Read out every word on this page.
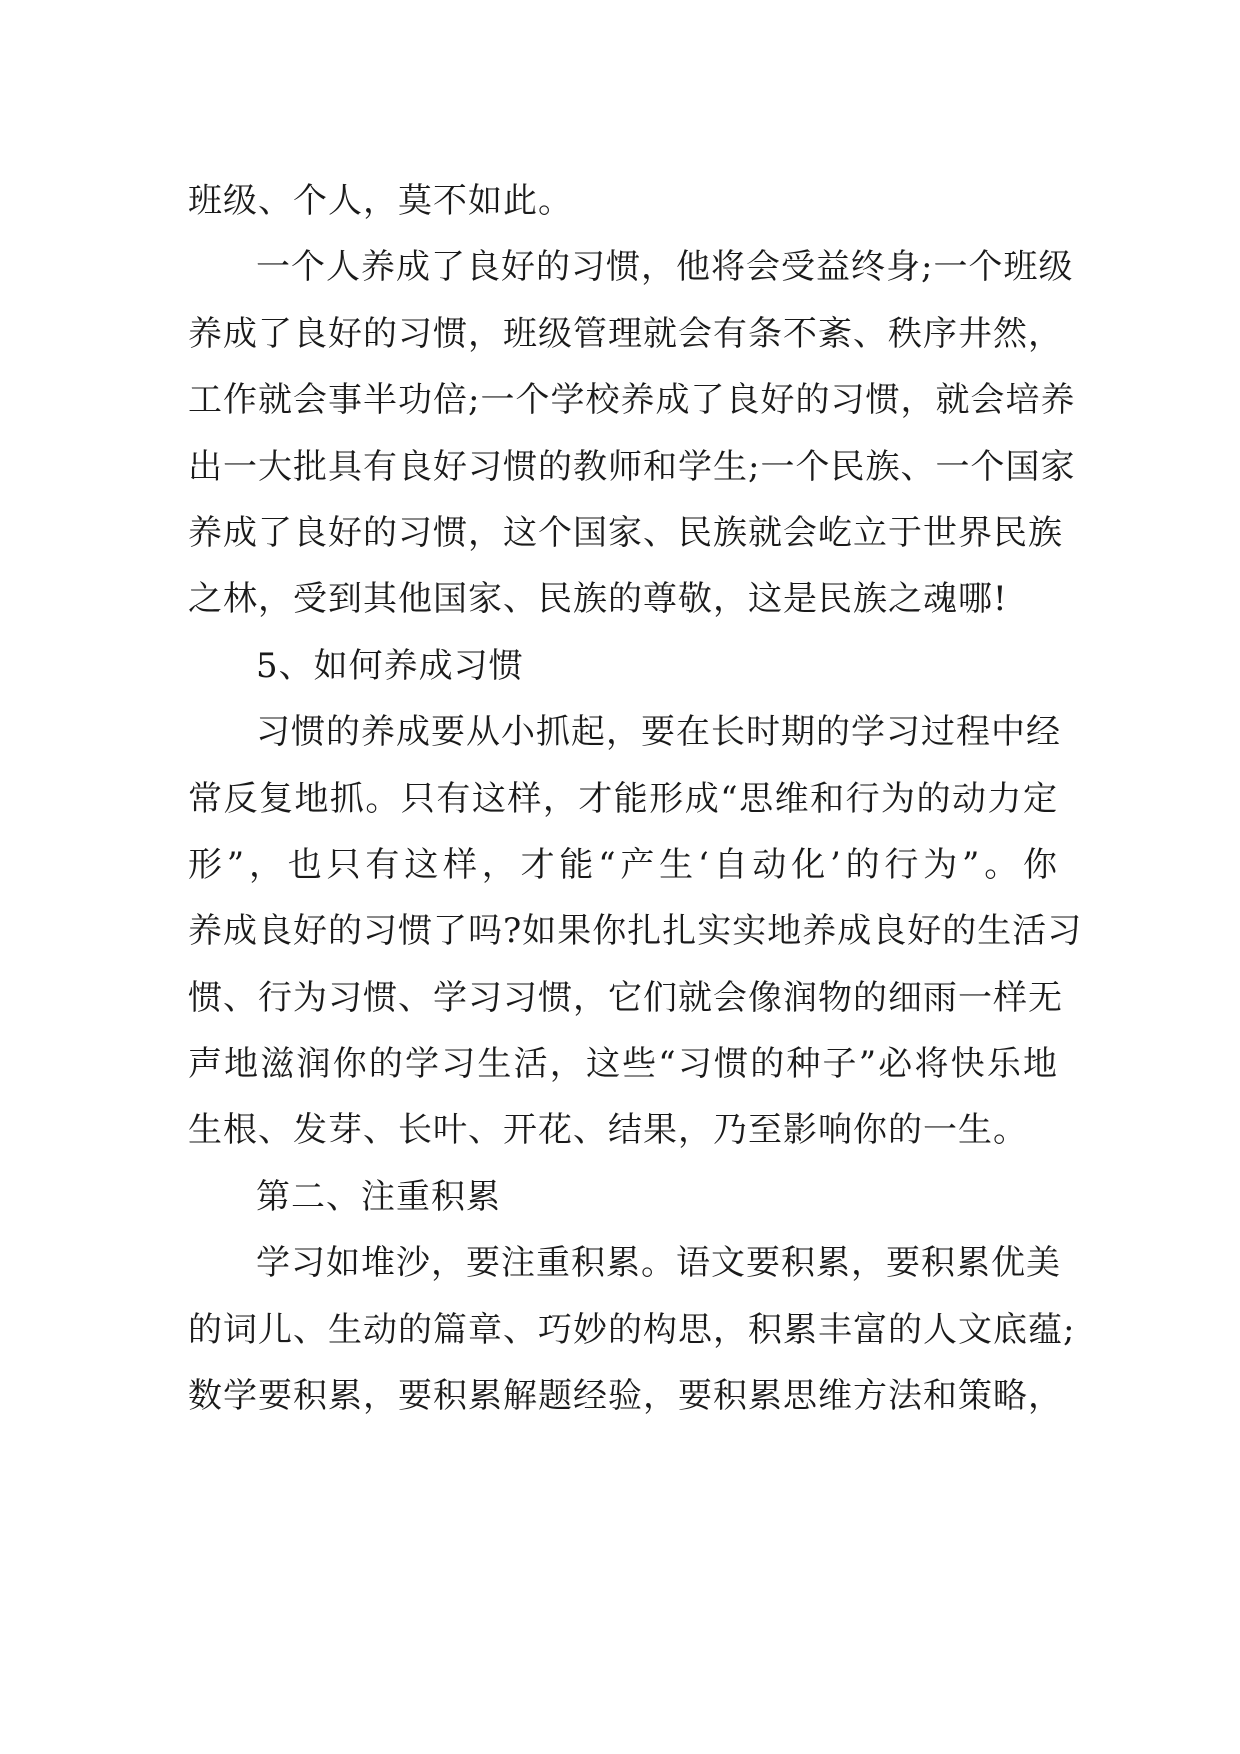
班级、个人，莫不如此。
一个人养成了良好的习惯，他将会受益终身;一个班级
养成了良好的习惯，班级管理就会有条不紊、秩序井然，
工作就会事半功倍;一个学校养成了良好的习惯，就会培养
出一大批具有良好习惯的教师和学生;一个民族、一个国家
养成了良好的习惯，这个国家、民族就会屹立于世界民族
之林，受到其他国家、民族的尊敬，这是民族之魂哪!
5、如何养成习惯
习惯的养成要从小抓起，要在长时期的学习过程中经
常反复地抓。只有这样，才能形成“思维和行为的动力定
形”，也只有这样，才能“产生‘自动化’的行为”。你
养成良好的习惯了吗?如果你扎扎实实地养成良好的生活习
惯、行为习惯、学习习惯，它们就会像润物的细雨一样无
声地滋润你的学习生活，这些“习惯的种子”必将快乐地
生根、发芽、长叶、开花、结果，乃至影响你的一生。
第二、注重积累
学习如堆沙，要注重积累。语文要积累，要积累优美
的词儿、生动的篇章、巧妙的构思，积累丰富的人文底蕴;
数学要积累，要积累解题经验，要积累思维方法和策略，
